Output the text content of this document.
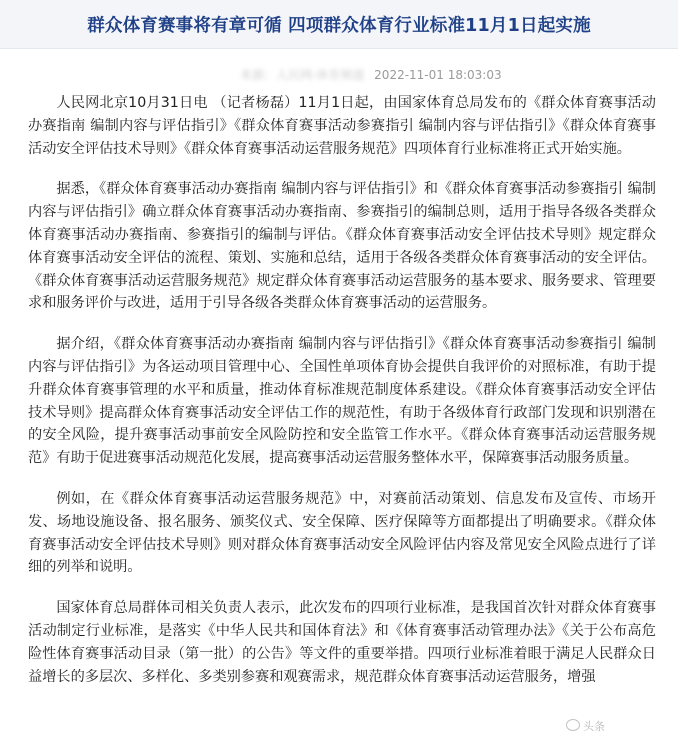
群众体育赛事将有章可循 四项群众体育行业标准11月1日起实施
来源：人民网-体育频道 2022-11-01 18:03:03

人民网北京10月31日电 （记者杨磊）11月1日起，由国家体育总局发布的《群众体育赛事活动办赛指南 编制内容与评估指引》《群众体育赛事活动参赛指引 编制内容与评估指引》《群众体育赛事活动安全评估技术导则》《群众体育赛事活动运营服务规范》四项体育行业标准将正式开始实施。

据悉，《群众体育赛事活动办赛指南 编制内容与评估指引》和《群众体育赛事活动参赛指引 编制内容与评估指引》确立群众体育赛事活动办赛指南、参赛指引的编制总则，适用于指导各级各类群众体育赛事活动办赛指南、参赛指引的编制与评估。《群众体育赛事活动安全评估技术导则》规定群众体育赛事活动安全评估的流程、策划、实施和总结，适用于各级各类群众体育赛事活动的安全评估。《群众体育赛事活动运营服务规范》规定群众体育赛事活动运营服务的基本要求、服务要求、管理要求和服务评价与改进，适用于引导各级各类群众体育赛事活动的运营服务。

据介绍，《群众体育赛事活动办赛指南 编制内容与评估指引》《群众体育赛事活动参赛指引 编制内容与评估指引》为各运动项目管理中心、全国性单项体育协会提供自我评价的对照标准，有助于提升群众体育赛事管理的水平和质量，推动体育标准规范制度体系建设。《群众体育赛事活动安全评估技术导则》提高群众体育赛事活动安全评估工作的规范性，有助于各级体育行政部门发现和识别潜在的安全风险，提升赛事活动事前安全风险防控和安全监管工作水平。《群众体育赛事活动运营服务规范》有助于促进赛事活动规范化发展，提高赛事活动运营服务整体水平，保障赛事活动服务质量。

例如，在《群众体育赛事活动运营服务规范》中，对赛前活动策划、信息发布及宣传、市场开发、场地设施设备、报名服务、颁奖仪式、安全保障、医疗保障等方面都提出了明确要求。《群众体育赛事活动安全评估技术导则》则对群众体育赛事活动安全风险评估内容及常见安全风险点进行了详细的列举和说明。

国家体育总局群体司相关负责人表示，此次发布的四项行业标准，是我国首次针对群众体育赛事活动制定行业标准，是落实《中华人民共和国体育法》和《体育赛事活动管理办法》《关于公布高危险性体育赛事活动目录（第一批）的公告》等文件的重要举措。四项行业标准着眼于满足人民群众日益增长的多层次、多样化、多类别参赛和观赛需求，规范群众体育赛事活动运营服务，增强

头条
